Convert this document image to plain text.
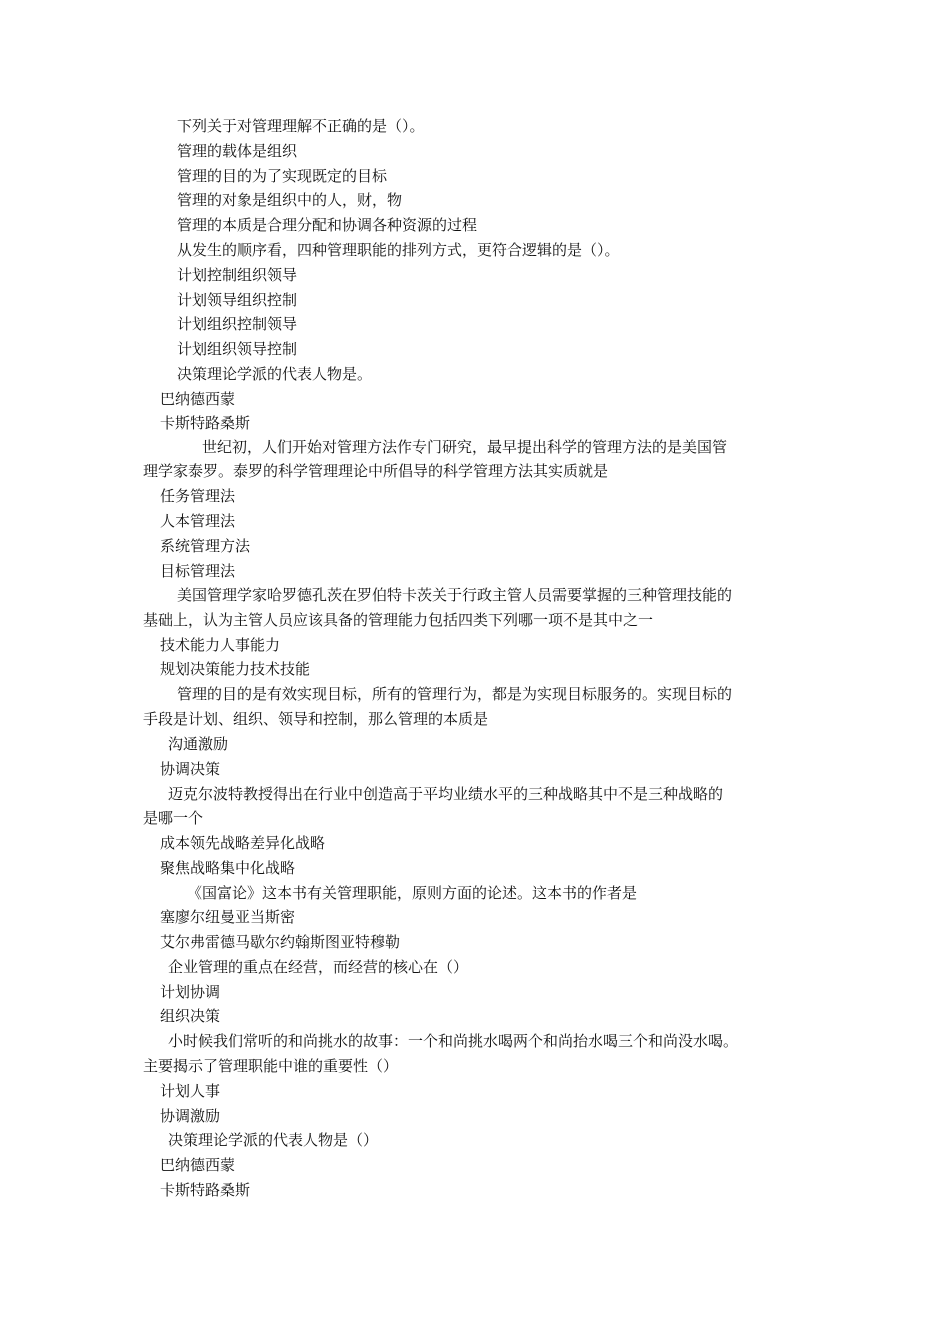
下列关于对管理理解不正确的是（）。
管理的载体是组织
管理的目的为了实现既定的目标
管理的对象是组织中的人，财，物
管理的本质是合理分配和协调各种资源的过程
从发生的顺序看，四种管理职能的排列方式，更符合逻辑的是（）。
计划控制组织领导
计划领导组织控制
计划组织控制领导
计划组织领导控制
决策理论学派的代表人物是。
巴纳德西蒙
卡斯特路桑斯
世纪初，人们开始对管理方法作专门研究，最早提出科学的管理方法的是美国管
理学家泰罗。泰罗的科学管理理论中所倡导的科学管理方法其实质就是
任务管理法
人本管理法
系统管理方法
目标管理法
美国管理学家哈罗德孔茨在罗伯特卡茨关于行政主管人员需要掌握的三种管理技能的
基础上，认为主管人员应该具备的管理能力包括四类下列哪一项不是其中之一
技术能力人事能力
规划决策能力技术技能
管理的目的是有效实现目标，所有的管理行为，都是为实现目标服务的。实现目标的
手段是计划、组织、领导和控制，那么管理的本质是
沟通激励
协调决策
迈克尔波特教授得出在行业中创造高于平均业绩水平的三种战略其中不是三种战略的
是哪一个
成本领先战略差异化战略
聚焦战略集中化战略
《国富论》这本书有关管理职能，原则方面的论述。这本书的作者是
塞廖尔纽曼亚当斯密
艾尔弗雷德马歇尔约翰斯图亚特穆勒
企业管理的重点在经营，而经营的核心在（）
计划协调
组织决策
小时候我们常听的和尚挑水的故事：一个和尚挑水喝两个和尚抬水喝三个和尚没水喝。
主要揭示了管理职能中谁的重要性（）
计划人事
协调激励
决策理论学派的代表人物是（）
巴纳德西蒙
卡斯特路桑斯
